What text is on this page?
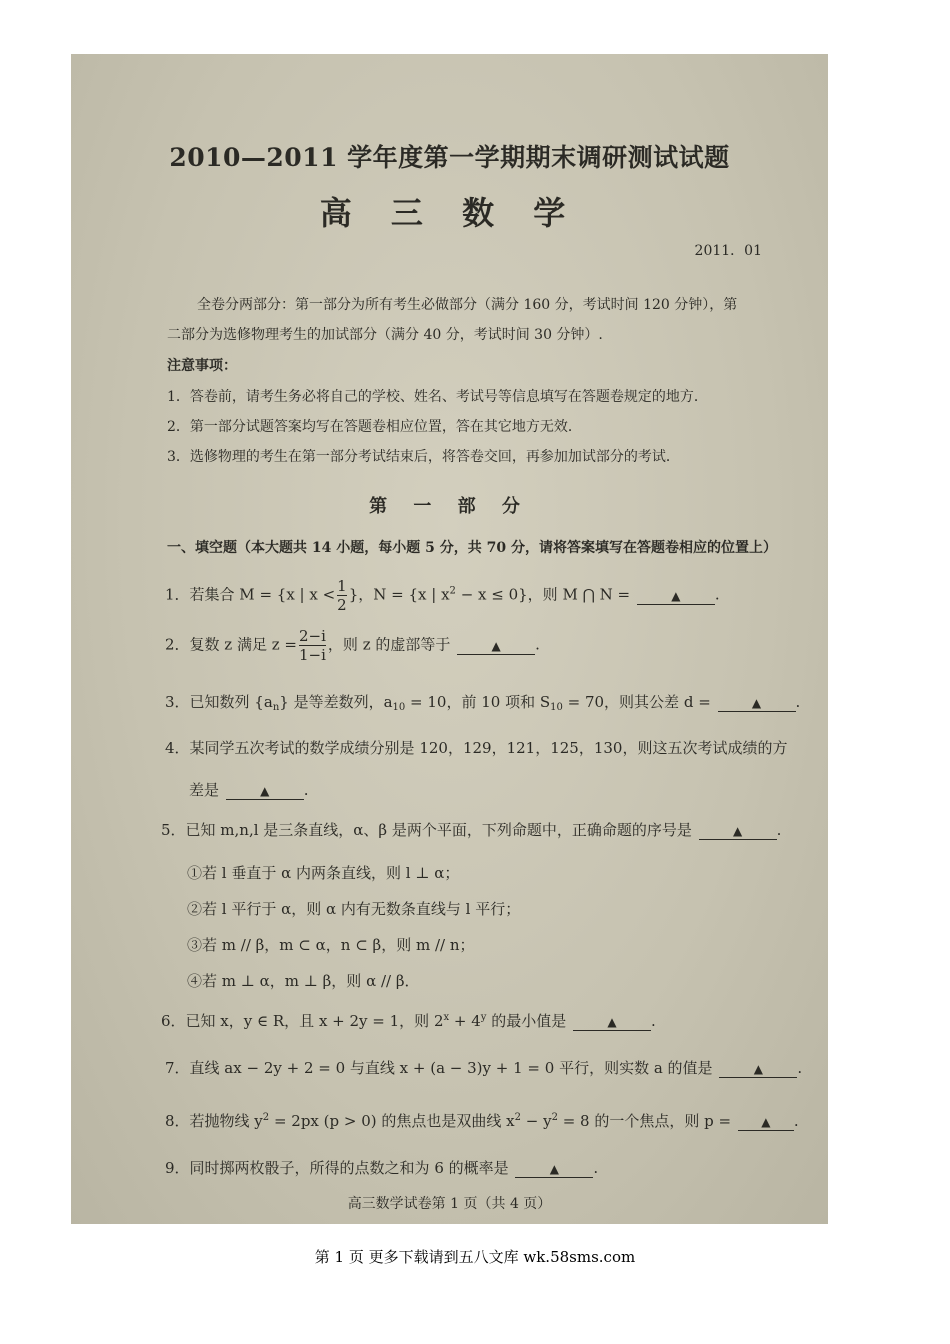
2010—2011 学年度第一学期期末调研测试试题
高 三 数 学
2011．01
全卷分两部分：第一部分为所有考生必做部分（满分 160 分，考试时间 120 分钟），第
二部分为选修物理考生的加试部分（满分 40 分，考试时间 30 分钟）.
注意事项：
1．答卷前，请考生务必将自己的学校、姓名、考试号等信息填写在答题卷规定的地方．
2．第一部分试题答案均写在答题卷相应位置，答在其它地方无效．
3．选修物理的考生在第一部分考试结束后，将答卷交回，再参加加试部分的考试．
第 一 部 分
一、填空题（本大题共 14 小题，每小题 5 分，共 70 分，请将答案填写在答题卷相应的位置上）
1．若集合 M = {x | $x < \frac{1}{2}$ }，N = {x | $x^2 - x \le 0$}，则 M ⋂ N =	▲ .
2．复数 z 满足 $z = \frac{2-i}{1-i}$ ，则 z 的虚部等于	▲ .
3．已知数列 $\{a_n\}$ 是等差数列，$a_{10} = 10$，前 10 项和 $S_{10} = 70$，则其公差 d =	▲ .
4．某同学五次考试的数学成绩分别是 120，129，121，125，130，则这五次考试成绩的方
差是	▲ .
5．已知 m,n,l 是三条直线，α、β 是两个平面，下列命题中，正确命题的序号是	▲ .
①若 l 垂直于 α 内两条直线，则 l ⊥ α；
②若 l 平行于 α，则 α 内有无数条直线与 l 平行；
③若 m // β，m ⊂ α，n ⊂ β，则 m // n；
④若 m ⊥ α，m ⊥ β，则 α // β．
6．已知 x，y ∈ R，且 x + 2y = 1，则 $2^x + 4^y$ 的最小值是	▲ .
7．直线 ax − 2y + 2 = 0 与直线 x + (a − 3)y + 1 = 0 平行，则实数 a 的值是	▲ .
8．若抛物线 $y^2 = 2px$ (p > 0) 的焦点也是双曲线 $x^2 - y^2 = 8$ 的一个焦点，则 p =	▲ .
9．同时掷两枚骰子，所得的点数之和为 6 的概率是	▲ .
高三数学试卷第 1 页（共 4 页）
第 1 页 更多下载请到五八文库 wk.58sms.com
